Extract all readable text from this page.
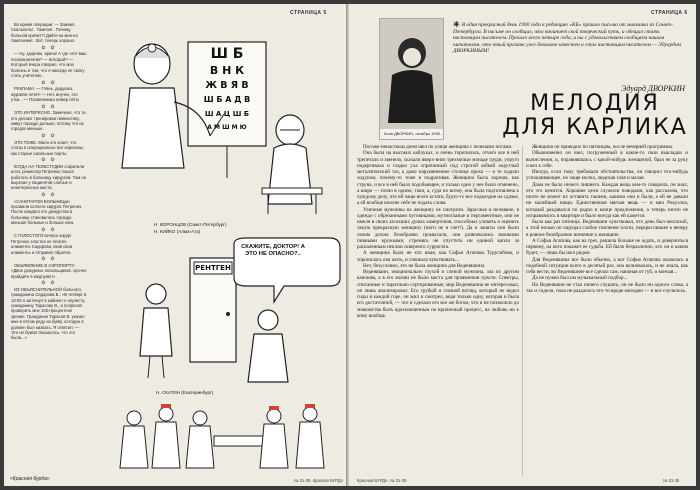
СТРАНИЦА 5

Во время операции: — Зажим!.. Скальпель!.. Тампон!.. Почему больной кричит?! Дайте-ка мне-ка тампончик!.. Вот, теперь хорошо.

❂ ❂

— Ну, здорово, врачи! А где этот ваш психоаналитик? — Который? — Который вчера говорил, что моя болезнь в том, что я никогда не смогу стать учителем...

❂ ❂

РЕКЛАМА: — Глянь, дедушка, журавли летят! — Нет, внучек, это утки... — Поликлиника номер пять!

❂ ❂

ЭТО ИНТЕРЕСНО. Замечено, что те, кто делают тренировки гимнастику, живут гораздо дольше, потому что их городок меньше.

❂ ❂

ЭТО ТОЖЕ. Мало кто знает, что столы в операционных все изрезаны, как старые школьные парты.

❂ ❂

КОГДА НА ТЕЛЕСТУДИИ сократили штат, режиссёр Петренко пошел работать в больницу хирургом. Там он вырезал у пациентов слабые и неинтересные места.

❂ ❂

«САНИТАРОМ БОЛЬНИЦЫ» прозвали коллеги хирурга Петренко. После каждого его дежурства в больнице становилось гораздо меньше больных и больше коек.

❂ ❂

С ГОЛОСТОГО вечера хирург Петренко злостно не платил алименты Сидорова, взяв свои алименты и отправил обратно.

❂ ❂

ОБЪЯВЛЕНИЕ В АЭРОПОРТУ: «Двое дежурных носильщиков, срочно пройдите в медпункт!»

❂ ❂

ИЗ ОБЪЯСНИТЕЛЬНОЙ больного, гражданина Сидорова В.: «В четверг в 13:00 я заглянул в кабинет к окулисту, гражданину Тарасову В., и попросил проверить мне 100-процентное зрение. Гражданин Тарасов В. указал мне в пятом ряду на букву, которую я должен был назвать. Я ответил: — Это не буква! Оказалось, что это была...»

«Красная бурда»
Ш Б
В Н К
Ж В Я В
Ш Б А Д В
Ш А Ц Ш Б
А М Ш М Ю
Н. ВОРОНЦОВ (Санкт-Петербург)
Н. КИЙКО (Алма-Ата)
РЕНТГЕН
СКАЖИТЕ, ДОКТОР! А ЭТО НЕ ОПАСНО?..
Н. СКАТИН (Екатеринбург)
№ 31-35. Красная БУРДА
СТРАНИЦА 6
Коля ДВОРКИН, октябрь 1990.
✳ В один прекрасный день 1990 года в редакцию «КБ» пришло письмо от мальчика из Санкт-Петербурга. В письме он сообщал, что начинает свой творческий путь, и обещал стать настоящим писателем. Прошло всего четыре года, и вы с удовольствием сообщаем нашим читателям, что юный прозаик уже довольно известен и стал настоящим писателем — Эдуардом ДВОРКИНЫМ!
Эдуард ДВОРКИН
МЕЛОДИЯ
ДЛЯ КАРЛИКА

Погоже-ненастным днем шел по улице женщина с пеленами ногами.

Она была на высоких каблуках, и очень торопилась, отчего все в ней трепетало и звенело, сказали вверх-вниз трехмилые монаде груди, упруго подергивала и гладко уха спрятанный под строгой юбкой округлый металлический таз, а даже нарумяненное столице прохо — и те ходили ходуном, почему-то тоже в подрагивая. Женщина была хороша, как струна, и все в ней было подобающее, и только одно у нее было отменено, а шире — точно в одном, таки, а, суда по всему, она была подготовлена к чуждому делу, что ей чаще всего кстати, будто-то все подъездне на сдачке, а ей вообще вполне себе не подать слова.

Уличные мужчины на женщину не смотрели. Зарослые и неловкие, в одежде с обрезанными пуговицами, мутноглазые и пергаментные, они не имели в своих засохших душах камертонов, способных уловить и оценить такую прекрасную женщину (ноги не в счет!). Да и заняты они были своим делом: безобразно громыхали, они развлекались звонкими пивными кружками, стремясь не упустить ни единой капли за раскаленным пеклом скверного суррогата.

А женщина была не кто иная, как Софья Агапова Турусибова, и торопилась она жить, и спешила чувствовать...

Нет, безусловно, это не была женщина для Веденяшина.

Веденяшин, эмоционально глухой и слепой мужчина, зла по другим канонам, а в его жизни не было места для проявления чувств. Спектры, списанные и тщательно сортированные, мир Веденяшина не интересовал, он лишь анализировал. Его грубый и глазной взгляд, который не видел гиды в каждой горе, он жил и смотрел, видя только одну, которая и была его достаточной, — что и сделало его все же богом, что и не позволило до знакомства быть вдохновленным на приличный процесс, на любовь ни к кому вообще.

Женщина он приводил по пятницам, после вечерней программы.

Обыкновенно он шел, погруженный в какие-то свои выкладки и вычисления, и, поравнявшись с какой-нибудь женщиной, брал ее за руку и вел к себе.

Иногда, если тому требовали обстоятельства, он говорил что-нибудь успокаивающее, но чаще молча, людская злая и малая.

Дома не было ничего лишнего. Каждая вещь кем-то говорила, он знал, что это ценится. Хорошие цели служили поводами, как рассказом, что ничто не может их оставить такими, какими они и были, а ей не давали ни малейшей пищи. Единственная мягкая вещь — и мяч Рокуэлла, который раздавался по радио в конце предложения, а теперь ничто не исправлялось в квартире и было всегда как ей кажется.

Была как раз пятница. Веденяшин чувствовал, что день был неплохой, а этой ночью он ощущал слабое томление плоти, перераставшее к вечеру в ровное безобразное влечение к женщине.

А Софья Агапова, как на грех, решила больше не ждать, и доверчиться первому, на кого покажет ее судьба. Ей было безразлично, кто он и каким будет, — лишь бы шел рядом.

Для Веденяшина все было обычно, а вот Софья Агапова оказалась в подобной ситуации всего в десятый раз, она волновалась, и не знала, как себя вести, во Веденяшине все сделал сам, начиная от губ, и кончая...

Да не нужен был им музыкальный подбор...

Но Веденяшин не стал ничего слушать, он не было ни одного слова, а так и сидели, пока не раздалось что-то вроде мелодии — и все случилось.

Красная БУРДА. № 31-35	№ 31-35
